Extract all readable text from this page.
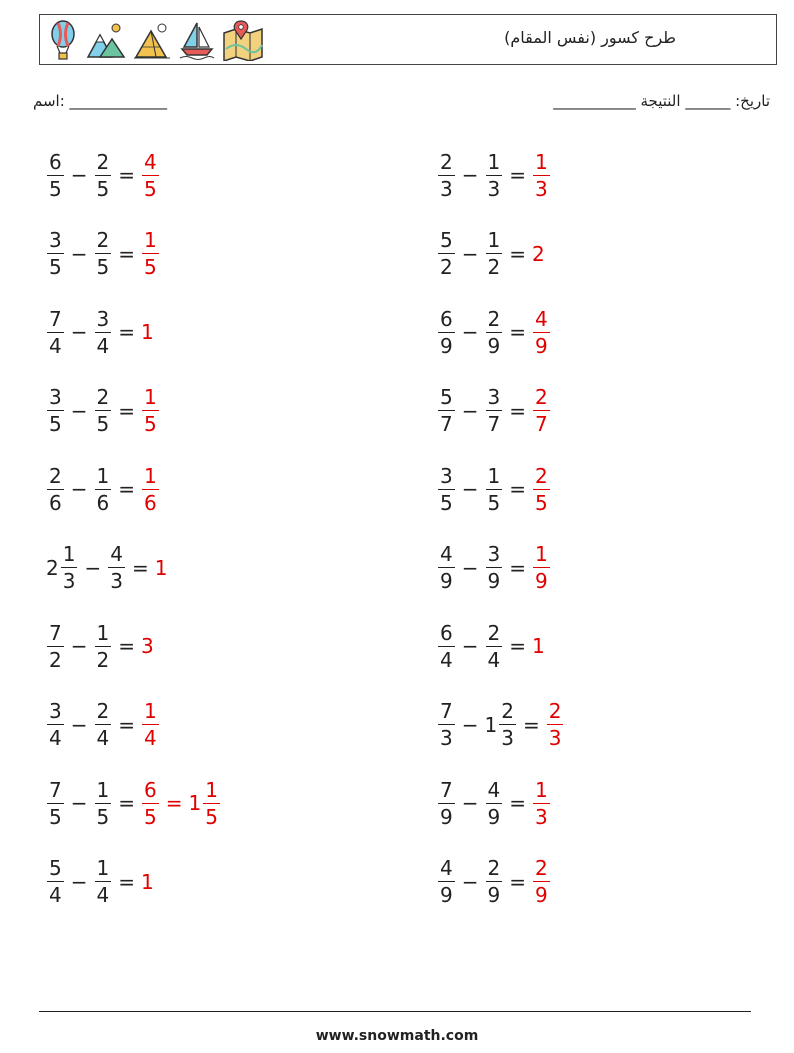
طرح كسور (نفس المقام)
اسم: _____________	تاريخ: ______ النتيجة ___________
$\frac{6}{5} - \frac{2}{5} = \frac{4}{5}$	$\frac{2}{3} - \frac{1}{3} = \frac{1}{3}$
$\frac{3}{5} - \frac{2}{5} = \frac{1}{5}$	$\frac{5}{2} - \frac{1}{2} = 2$
$\frac{7}{4} - \frac{3}{4} = 1$	$\frac{6}{9} - \frac{2}{9} = \frac{4}{9}$
$\frac{3}{5} - \frac{2}{5} = \frac{1}{5}$	$\frac{5}{7} - \frac{3}{7} = \frac{2}{7}$
$\frac{2}{6} - \frac{1}{6} = \frac{1}{6}$	$\frac{3}{5} - \frac{1}{5} = \frac{2}{5}$
$2 \frac{1}{3} - \frac{4}{3} = 1$	$\frac{4}{9} - \frac{3}{9} = \frac{1}{9}$
$\frac{7}{2} - \frac{1}{2} = 3$	$\frac{6}{4} - \frac{2}{4} = 1$
$\frac{3}{4} - \frac{2}{4} = \frac{1}{4}$	$\frac{7}{3} - 1 \frac{2}{3} = \frac{2}{3}$
$\frac{7}{5} - \frac{1}{5} = \frac{6}{5} = 1 \frac{1}{5}$	$\frac{7}{9} - \frac{4}{9} = \frac{1}{3}$
$\frac{5}{4} - \frac{1}{4} = 1$	$\frac{4}{9} - \frac{2}{9} = \frac{2}{9}$
www.snowmath.com
